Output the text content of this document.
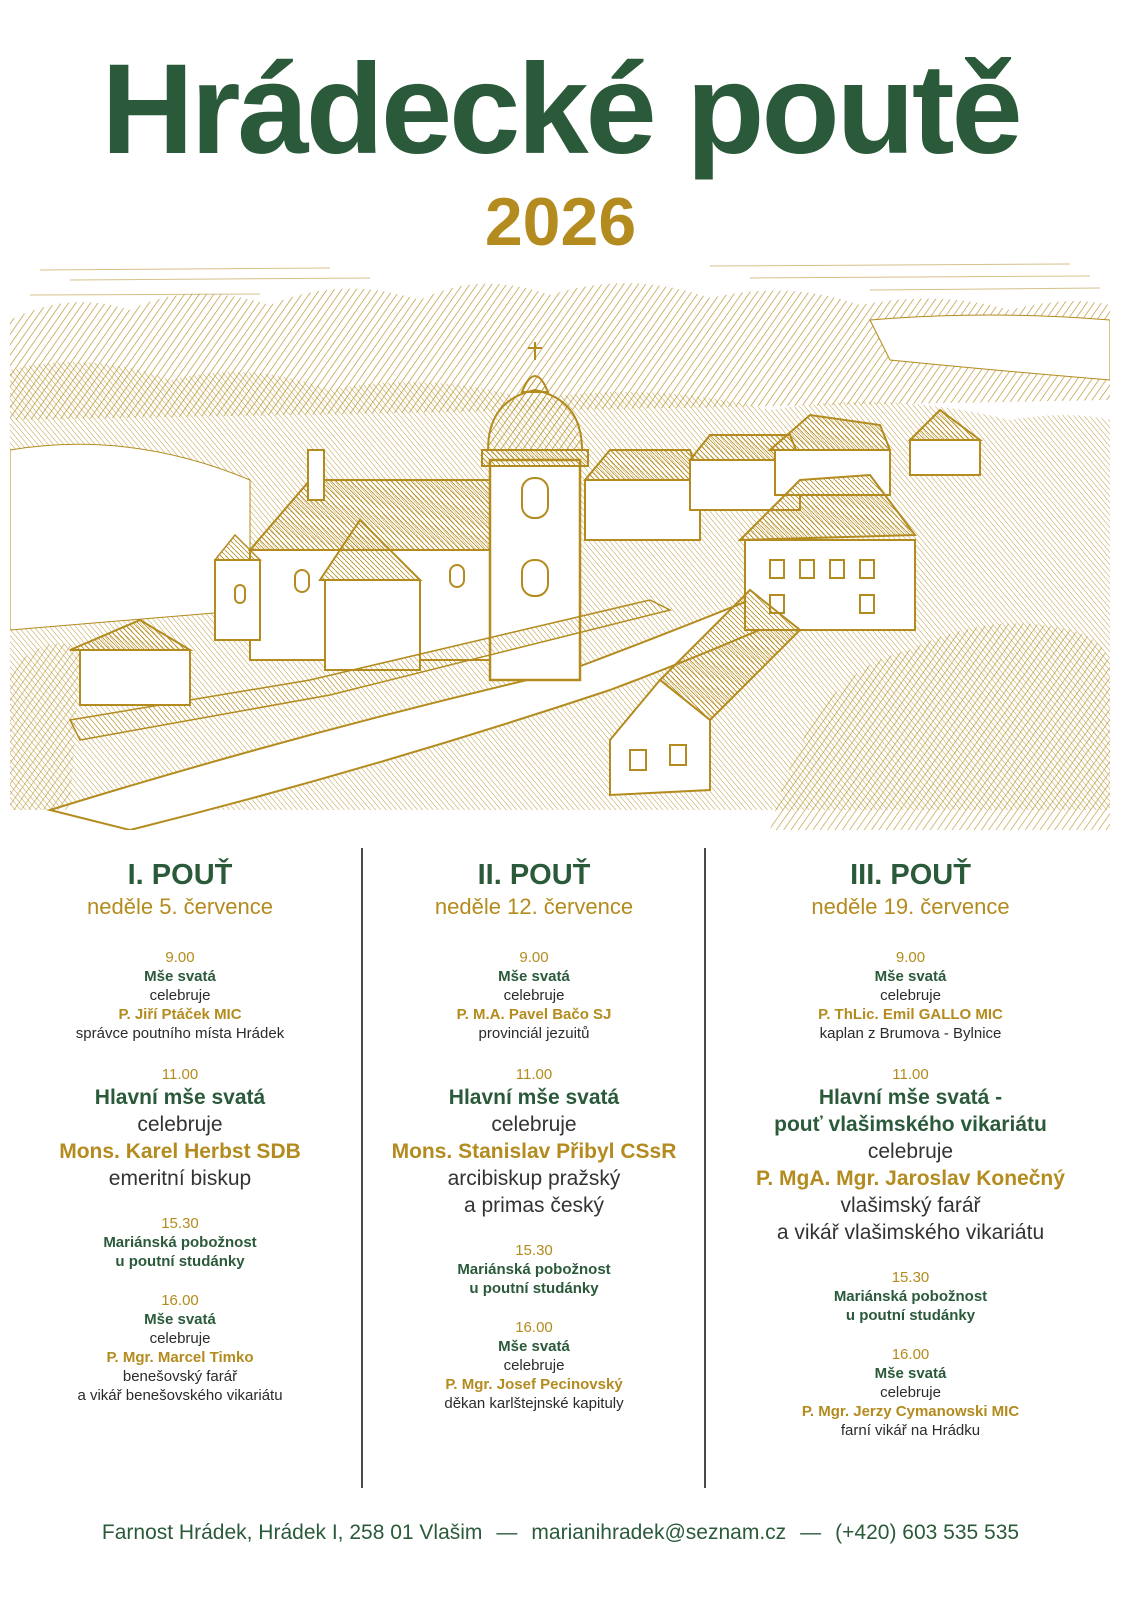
Hrádecké poutě
2026
I. POUŤ
neděle 5. července
9.00
Mše svatá
celebruje
P. Jiří Ptáček MIC
správce poutního místa Hrádek
11.00
Hlavní mše svatá
celebruje
Mons. Karel Herbst SDB
emeritní biskup
15.30
Mariánská pobožnost
u poutní studánky
16.00
Mše svatá
celebruje
P. Mgr. Marcel Timko
benešovský farář
a vikář benešovského vikariátu
II. POUŤ
neděle 12. července
9.00
Mše svatá
celebruje
P. M.A. Pavel Bačo SJ
provinciál jezuitů
11.00
Hlavní mše svatá
celebruje
Mons. Stanislav Přibyl CSsR
arcibiskup pražský
a primas český
15.30
Mariánská pobožnost
u poutní studánky
16.00
Mše svatá
celebruje
P. Mgr. Josef Pecinovský
děkan karlštejnské kapituly
III. POUŤ
neděle 19. července
9.00
Mše svatá
celebruje
P. ThLic. Emil GALLO MIC
kaplan z Brumova - Bylnice
11.00
Hlavní mše svatá -
pouť vlašimského vikariátu
celebruje
P. MgA. Mgr. Jaroslav Konečný
vlašimský farář
a vikář vlašimského vikariátu
15.30
Mariánská pobožnost
u poutní studánky
16.00
Mše svatá
celebruje
P. Mgr. Jerzy Cymanowski MIC
farní vikář na Hrádku
Farnost Hrádek, Hrádek I, 258 01 Vlašim — marianihradek@seznam.cz — (+420) 603 535 535
